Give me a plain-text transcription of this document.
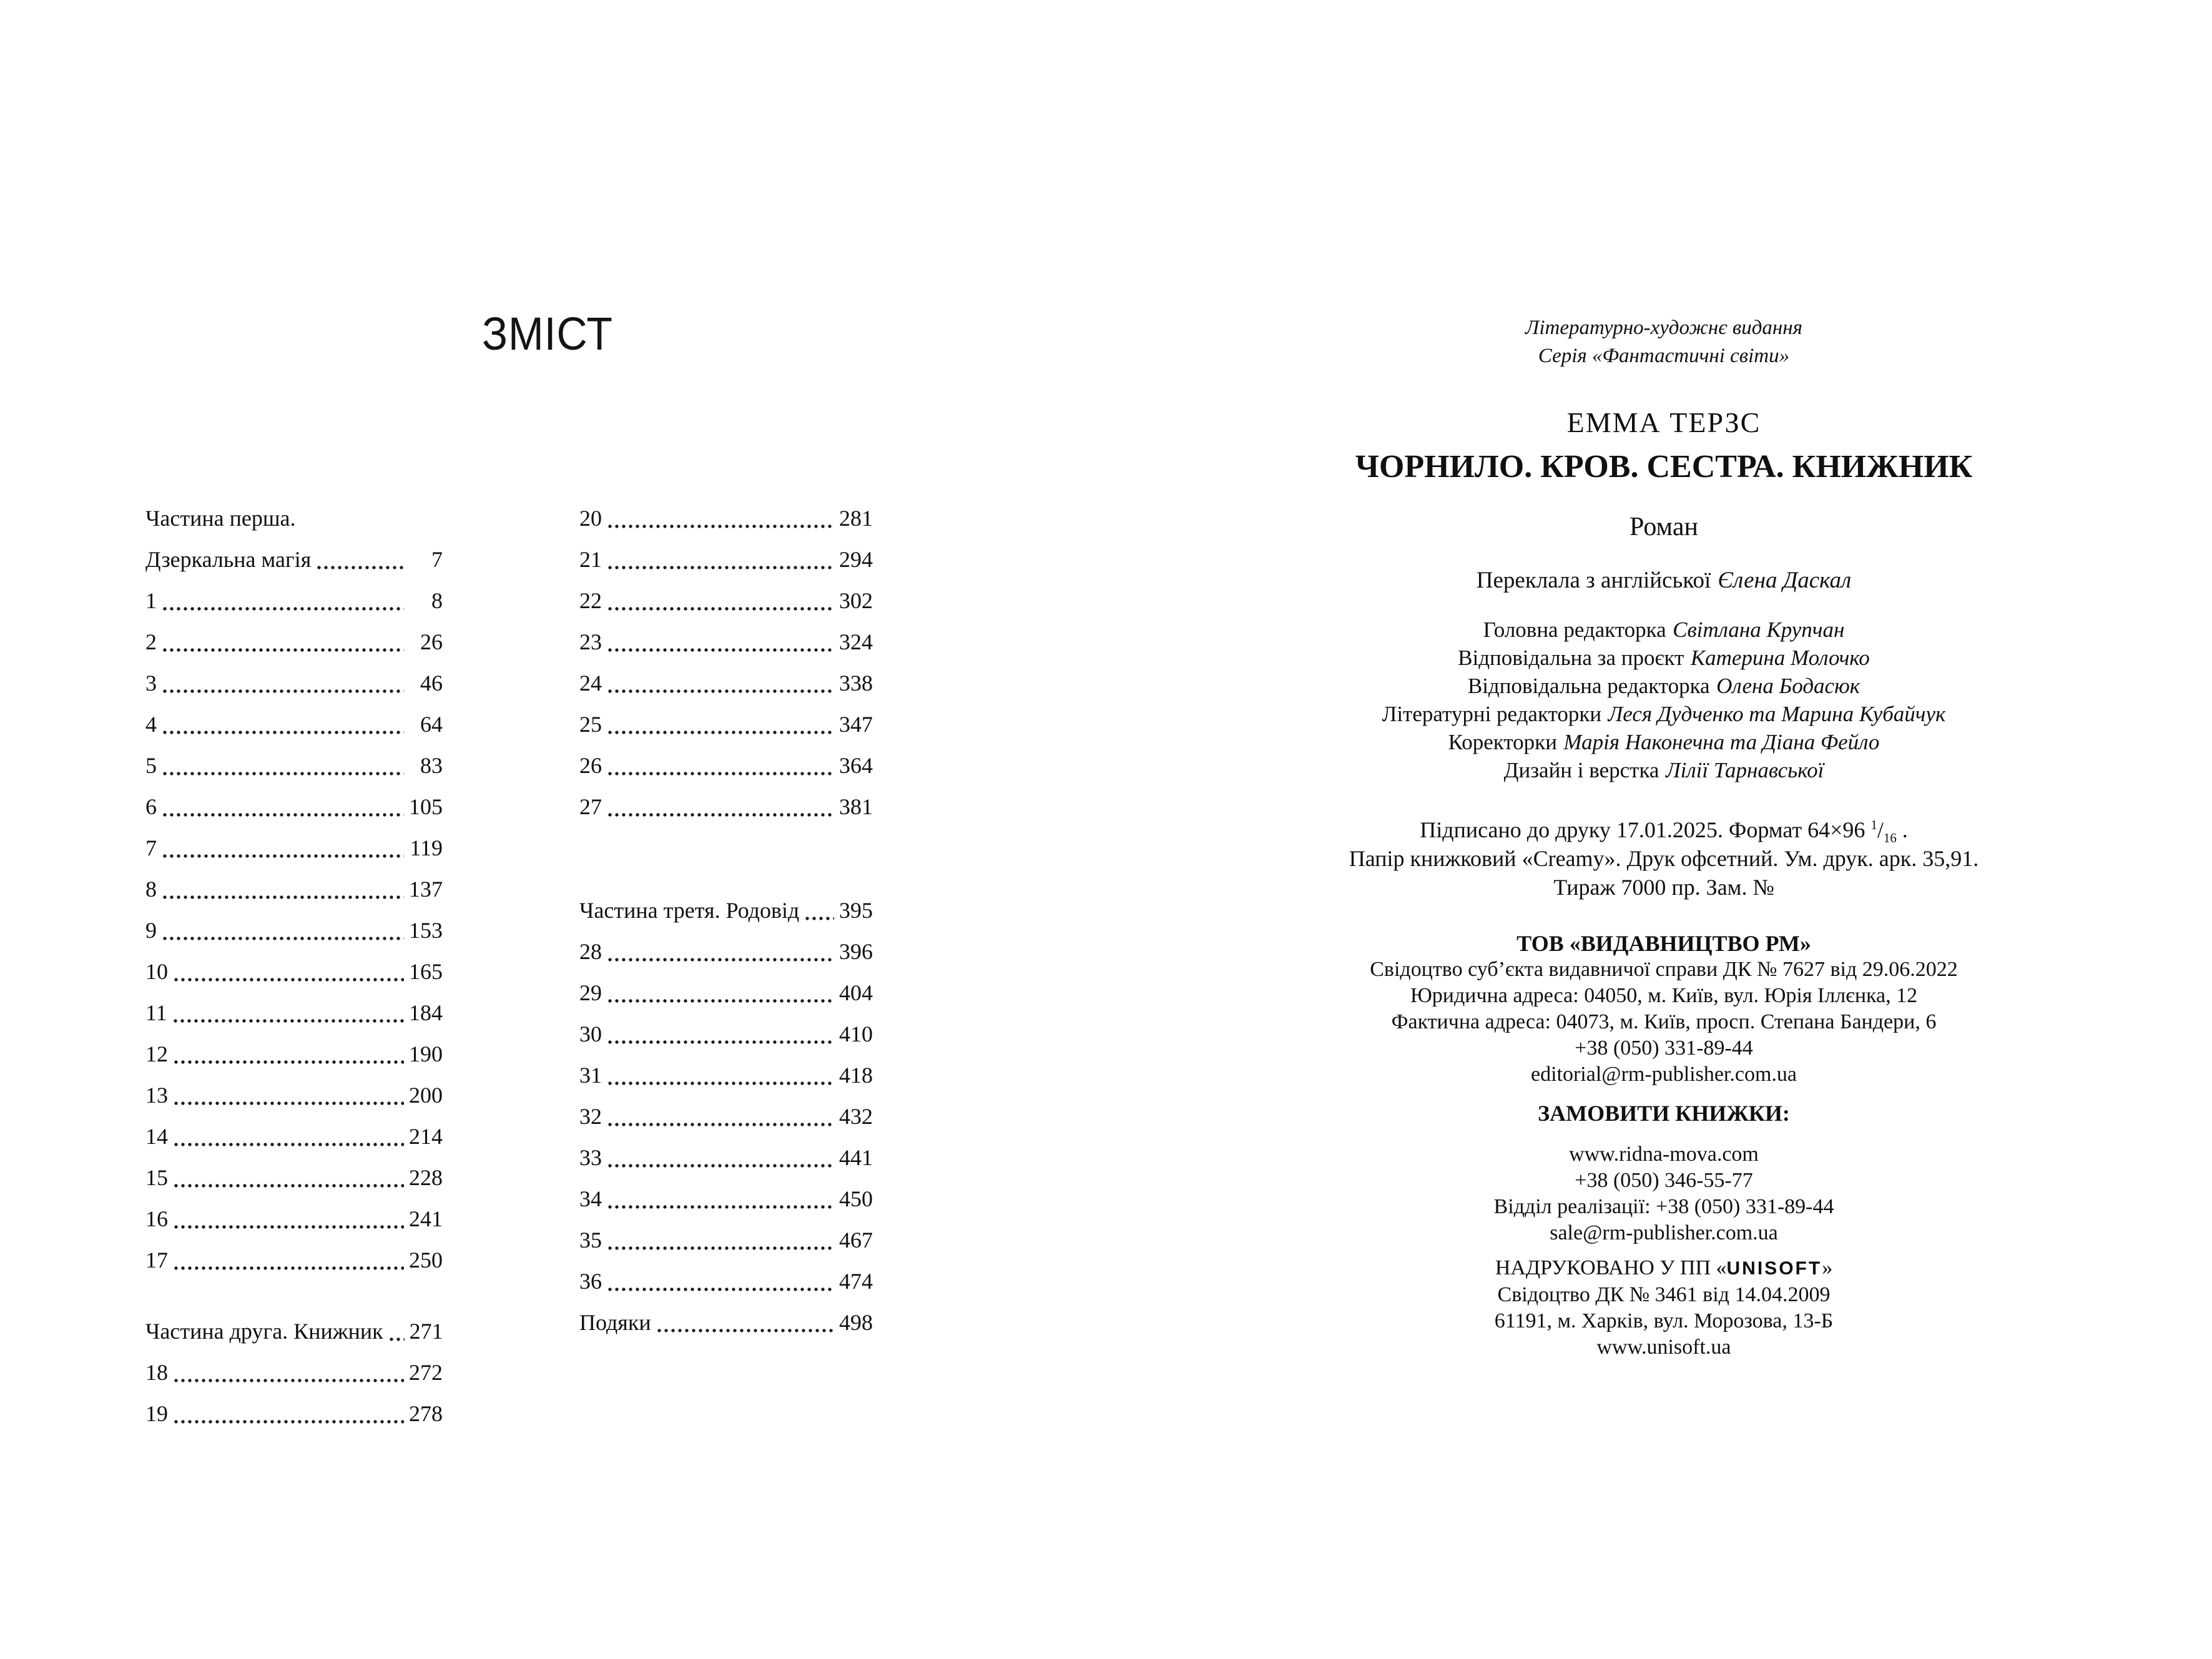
ЗМІСТ
Частина перша.
Дзеркальна магія	7
1	8
2	26
3	46
4	64
5	83
6	105
7	119
8	137
9	153
10	165
11	184
12	190
13	200
14	214
15	228
16	241
17	250
Частина друга. Книжник 271
18	272
19	278
20	281
21	294
22	302
23	324
24	338
25	347
26	364
27	381
Частина третя. Родовід 395
28	396
29	404
30	410
31	418
32	432
33	441
34	450
35	467
36	474
Подяки	498
Літературно-художнє видання
Серія «Фантастичні світи»
ЕММА ТЕРЗС
ЧОРНИЛО. КРОВ. СЕСТРА. КНИЖНИК
Роман
Переклала з англійської Єлена Даскал
Головна редакторка Світлана Крупчан
Відповідальна за проєкт Катерина Молочко
Відповідальна редакторка Олена Бодасюк
Літературні редакторки Леся Дудченко та Марина Кубайчук
Коректорки Марія Наконечна та Діана Фейло
Дизайн і верстка Лілії Тарнавської
Підписано до друку 17.01.2025. Формат 64×96 $^1/_{16}$ .
Папір книжковий «Creamy». Друк офсетний. Ум. друк. арк. 35,91.
Тираж 7000 пр. Зам. №
ТОВ «ВИДАВНИЦТВО РМ»
Свідоцтво суб’єкта видавничої справи ДК № 7627 від 29.06.2022
Юридична адреса: 04050, м. Київ, вул. Юрія Іллєнка, 12
Фактична адреса: 04073, м. Київ, просп. Степана Бандери, 6
+38 (050) 331-89-44
editorial@rm-publisher.com.ua
ЗАМОВИТИ КНИЖКИ:
www.ridna-mova.com
+38 (050) 346-55-77
Відділ реалізації: +38 (050) 331-89-44
sale@rm-publisher.com.ua
НАДРУКОВАНО У ПП «UNISOFT»
Свідоцтво ДК № 3461 від 14.04.2009
61191, м. Харків, вул. Морозова, 13-Б
www.unisoft.ua
